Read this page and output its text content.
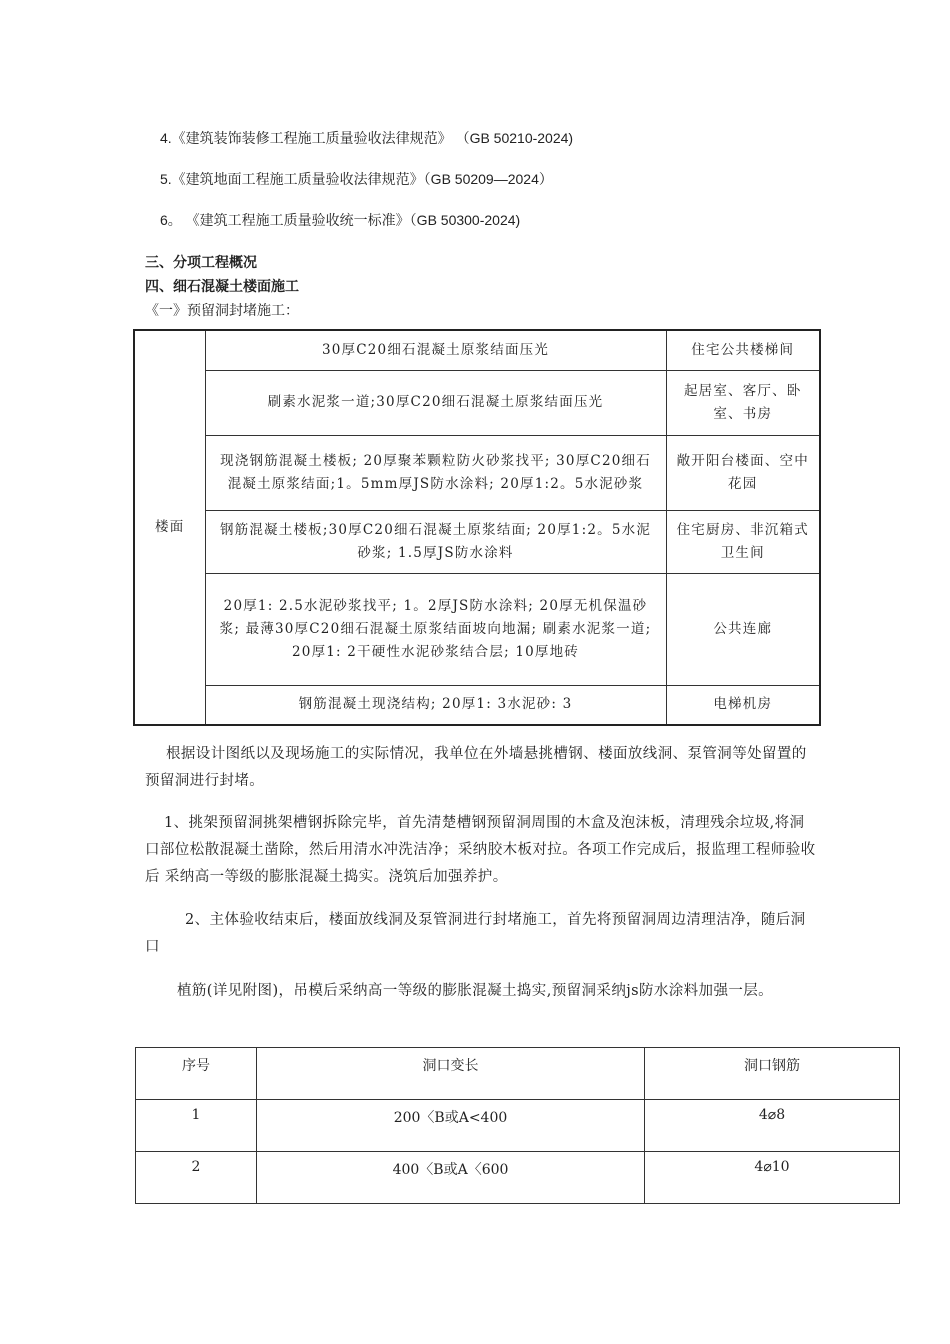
4.《建筑装饰装修工程施工质量验收法律规范》 （GB 50210-2024)
5.《建筑地面工程施工质量验收法律规范》（GB 50209—2024）
6。 《建筑工程施工质量验收统一标准》（GB 50300-2024)
三、分项工程概况
四、细石混凝土楼面施工
《一》预留洞封堵施工：
楼面	30厚C20细石混凝土原浆结面压光	住宅公共楼梯间
	刷素水泥浆一道;30厚C20细石混凝土原浆结面压光	起居室、客厅、卧室、书房
	现浇钢筋混凝土楼板; 20厚聚苯颗粒防火砂浆找平; 30厚C20细石混凝土原浆结面;1。5mm厚JS防水涂料; 20厚1:2。5水泥砂浆	敞开阳台楼面、空中花园
	钢筋混凝土楼板;30厚C20细石混凝土原浆结面; 20厚1:2。5水泥砂浆; 1.5厚JS防水涂料	住宅厨房、非沉箱式卫生间
	20厚1: 2.5水泥砂浆找平; 1。2厚JS防水涂料; 20厚无机保温砂浆; 最薄30厚C20细石混凝土原浆结面坡向地漏; 刷素水泥浆一道; 20厚1: 2干硬性水泥砂浆结合层; 10厚地砖	公共连廊
	钢筋混凝土现浇结构; 20厚1: 3水泥砂: 3	电梯机房
根据设计图纸以及现场施工的实际情况，我单位在外墙悬挑槽钢、楼面放线洞、泵管洞等处留置的预留洞进行封堵。
1、挑架预留洞挑架槽钢拆除完毕，首先清楚槽钢预留洞周围的木盒及泡沫板，清理残余垃圾,将洞口部位松散混凝土凿除，然后用清水冲洗洁净；采纳胶木板对拉。各项工作完成后，报监理工程师验收后 采纳高一等级的膨胀混凝土捣实。浇筑后加强养护。
2、主体验收结束后，楼面放线洞及泵管洞进行封堵施工，首先将预留洞周边清理洁净，随后洞口
植筋(详见附图)，吊模后采纳高一等级的膨胀混凝土捣实,预留洞采纳js防水涂料加强一层。
序号	洞口变长	洞口钢筋
1	200〈B或A<400	4⌀8
2	400〈B或A〈600	4⌀10
